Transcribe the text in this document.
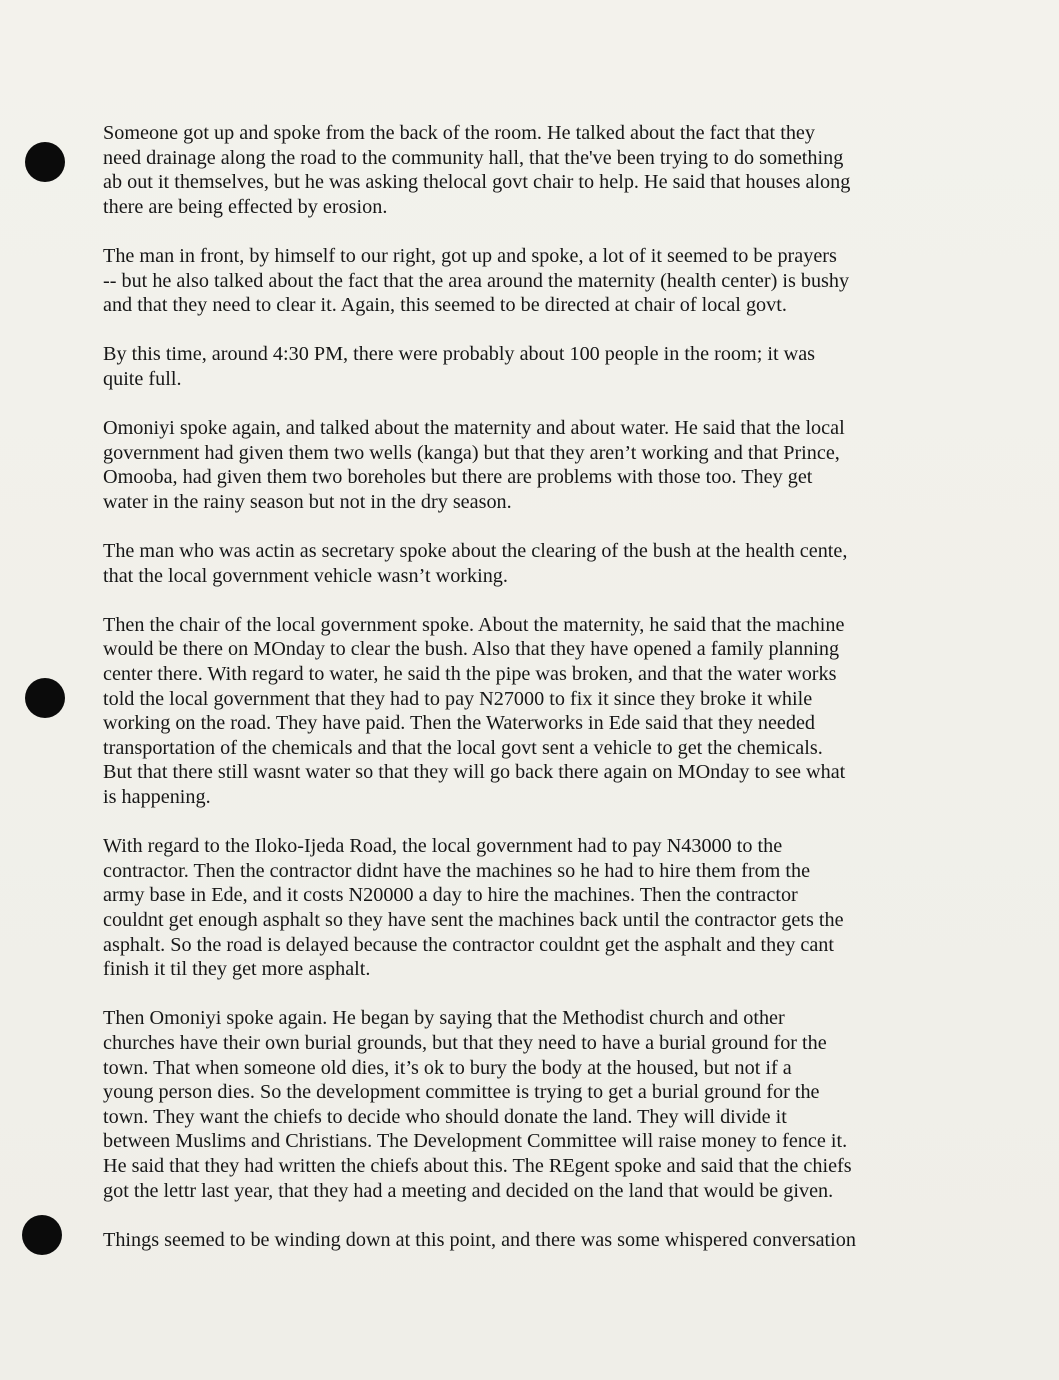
Someone got up and spoke from the back of the room. He talked about the fact that they
need drainage along the road to the community hall, that the've been trying to do something
ab out it themselves, but he was asking thelocal govt chair to help. He said that houses along
there are being effected by erosion.

The man in front, by himself to our right, got up and spoke, a lot of it seemed to be prayers
-- but he also talked about the fact that the area around the maternity (health center) is bushy
and that they need to clear it. Again, this seemed to be directed at chair of local govt.

By this time, around 4:30 PM, there were probably about 100 people in the room; it was
quite full.

Omoniyi spoke again, and talked about the maternity and about water. He said that the local
government had given them two wells (kanga) but that they aren’t working and that Prince,
Omooba, had given them two boreholes but there are problems with those too. They get
water in the rainy season but not in the dry season.

The man who was actin as secretary spoke about the clearing of the bush at the health cente,
that the local government vehicle wasn’t working.

Then the chair of the local government spoke. About the maternity, he said that the machine
would be there on MOnday to clear the bush. Also that they have opened a family planning
center there. With regard to water, he said th the pipe was broken, and that the water works
told the local government that they had to pay N27000 to fix it since they broke it while
working on the road. They have paid. Then the Waterworks in Ede said that they needed
transportation of the chemicals and that the local govt sent a vehicle to get the chemicals.
But that there still wasnt water so that they will go back there again on MOnday to see what
is happening.

With regard to the Iloko-Ijeda Road, the local government had to pay N43000 to the
contractor. Then the contractor didnt have the machines so he had to hire them from the
army base in Ede, and it costs N20000 a day to hire the machines. Then the contractor
couldnt get enough asphalt so they have sent the machines back until the contractor gets the
asphalt. So the road is delayed because the contractor couldnt get the asphalt and they cant
finish it til they get more asphalt.

Then Omoniyi spoke again. He began by saying that the Methodist church and other
churches have their own burial grounds, but that they need to have a burial ground for the
town. That when someone old dies, it’s ok to bury the body at the housed, but not if a
young person dies. So the development committee is trying to get a burial ground for the
town. They want the chiefs to decide who should donate the land. They will divide it
between Muslims and Christians. The Development Committee will raise money to fence it.
He said that they had written the chiefs about this. The REgent spoke and said that the chiefs
got the lettr last year, that they had a meeting and decided on the land that would be given.

Things seemed to be winding down at this point, and there was some whispered conversation
